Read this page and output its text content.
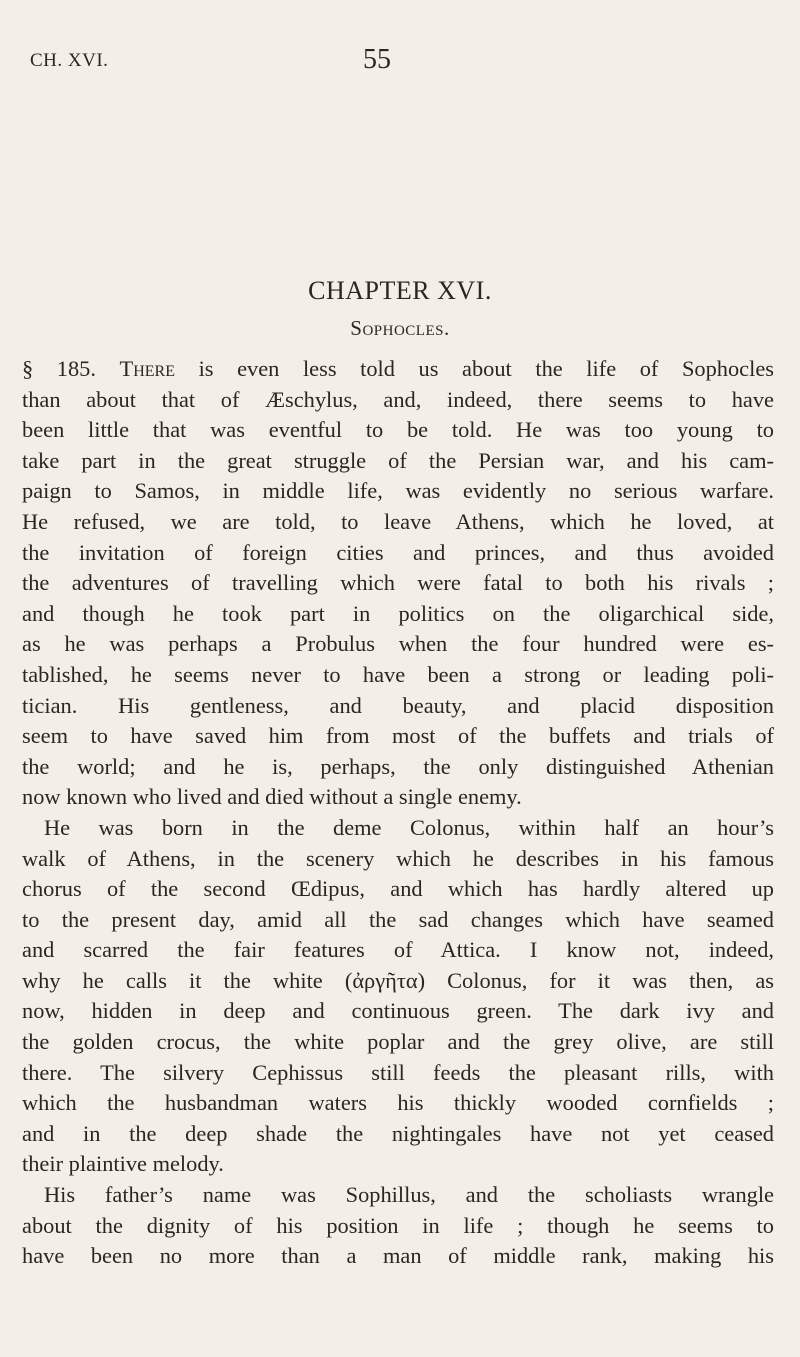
CH. XVI.	55
CHAPTER XVI.
Sophocles.
§ 185. There is even less told us about the life of Sophocles
than about that of Æschylus, and, indeed, there seems to have
been little that was eventful to be told. He was too young to
take part in the great struggle of the Persian war, and his cam-
paign to Samos, in middle life, was evidently no serious warfare.
He refused, we are told, to leave Athens, which he loved, at
the invitation of foreign cities and princes, and thus avoided
the adventures of travelling which were fatal to both his rivals ;
and though he took part in politics on the oligarchical side,
as he was perhaps a Probulus when the four hundred were es-
tablished, he seems never to have been a strong or leading poli-
tician. His gentleness, and beauty, and placid disposition
seem to have saved him from most of the buffets and trials of
the world; and he is, perhaps, the only distinguished Athenian
now known who lived and died without a single enemy.
He was born in the deme Colonus, within half an hour’s
walk of Athens, in the scenery which he describes in his famous
chorus of the second Œdipus, and which has hardly altered up
to the present day, amid all the sad changes which have seamed
and scarred the fair features of Attica. I know not, indeed,
why he calls it the white (ἀργῆτα) Colonus, for it was then, as
now, hidden in deep and continuous green. The dark ivy and
the golden crocus, the white poplar and the grey olive, are still
there. The silvery Cephissus still feeds the pleasant rills, with
which the husbandman waters his thickly wooded cornfields ;
and in the deep shade the nightingales have not yet ceased
their plaintive melody.
His father’s name was Sophillus, and the scholiasts wrangle
about the dignity of his position in life ; though he seems to
have been no more than a man of middle rank, making his
